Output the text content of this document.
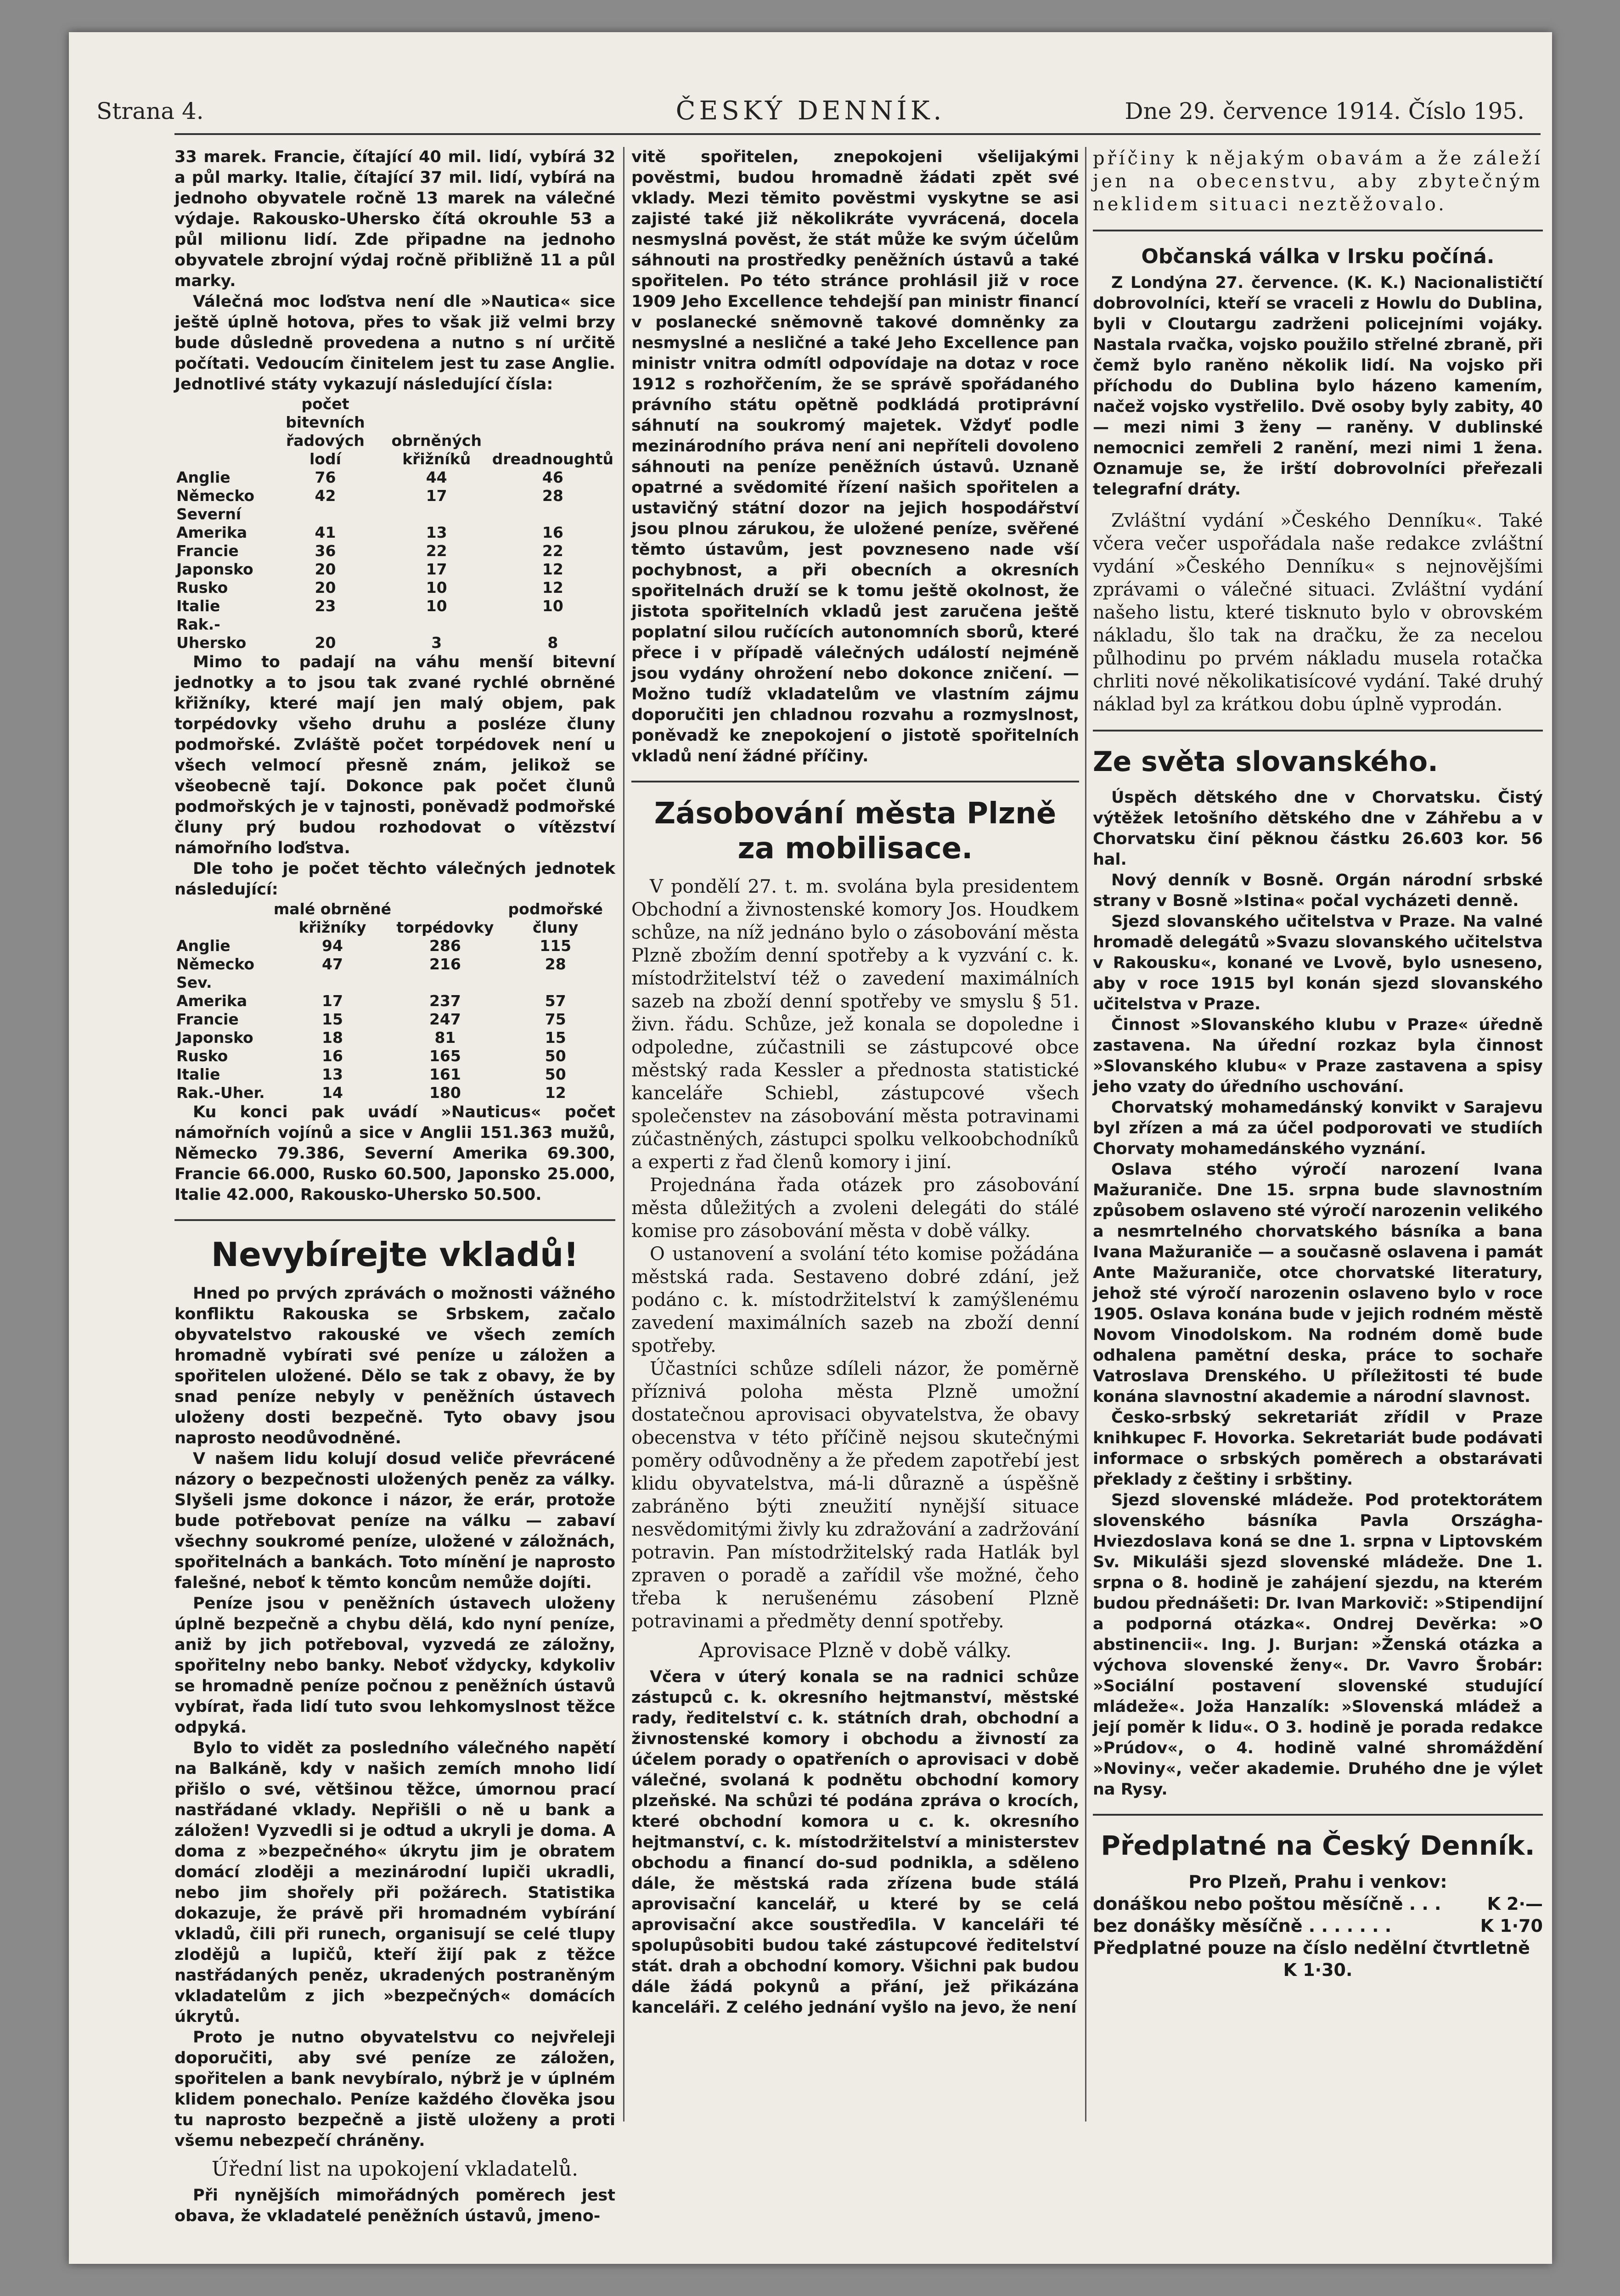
Strana 4.	ČESKÝ DENNÍK.	Dne 29. července 1914. Číslo 195.

33 marek. Francie, čítající 40 mil. lidí, vybírá 32 a půl marky. Italie, čítající 37 mil. lidí, vybírá na jednoho obyvatele ročně 13 marek na válečné výdaje. Rakousko-Uhersko čítá okrouhle 53 a půl milionu lidí. Zde připadne na jednoho obyvatele zbrojní výdaj ročně přibližně 11 a půl marky.

Válečná moc loďstva není dle »Nautica« sice ještě úplně hotova, přes to však již velmi brzy bude důsledně provedena a nutno s ní určitě počítati. Vedoucím činitelem jest tu zase Anglie. Jednotlivé státy vykazují následující čísla:

	počet bitevních řadových lodí	obrněných křižníků	dreadnoughtů
Anglie	76	44	46
Německo	42	17	28
Severní Amerika	41	13	16
Francie	36	22	22
Japonsko	20	17	12
Rusko	20	10	12
Italie	23	10	10
Rak.-Uhersko	20	3	8

Mimo to padají na váhu menší bitevní jednotky a to jsou tak zvané rychlé obrněné křižníky, které mají jen malý objem, pak torpédovky všeho druhu a posléze čluny podmořské. Zvláště počet torpédovek není u všech velmocí přesně znám, jelikož se všeobecně tají. Dokonce pak počet člunů podmořských je v tajnosti, poněvadž podmořské čluny prý budou rozhodovat o vítězství námořního loďstva.

Dle toho je počet těchto válečných jednotek následující:

	malé obrněné křižníky	torpédovky	podmořské čluny
Anglie	94	286	115
Německo	47	216	28
Sev. Amerika	17	237	57
Francie	15	247	75
Japonsko	18	81	15
Rusko	16	165	50
Italie	13	161	50
Rak.-Uher.	14	180	12

Ku konci pak uvádí »Nauticus« počet námořních vojínů a sice v Anglii 151.363 mužů, Německo 79.386, Severní Amerika 69.300, Francie 66.000, Rusko 60.500, Japonsko 25.000, Italie 42.000, Rakousko-Uhersko 50.500.

Nevybírejte vkladů!

Hned po prvých zprávách o možnosti vážného konfliktu Rakouska se Srbskem, začalo obyvatelstvo rakouské ve všech zemích hromadně vybírati své peníze u záložen a spořitelen uložené. Dělo se tak z obavy, že by snad peníze nebyly v peněžních ústavech uloženy dosti bezpečně. Tyto obavy jsou naprosto neodůvodněné.

V našem lidu kolují dosud veliče převrácené názory o bezpečnosti uložených peněz za války. Slyšeli jsme dokonce i názor, že erár, protože bude potřebovat peníze na válku — zabaví všechny soukromé peníze, uložené v záložnách, spořitelnách a bankách. Toto mínění je naprosto falešné, neboť k těmto koncům nemůže dojíti.

Peníze jsou v peněžních ústavech uloženy úplně bezpečně a chybu dělá, kdo nyní peníze, aniž by jich potřeboval, vyzvedá ze záložny, spořitelny nebo banky. Neboť vždycky, kdykoliv se hromadně peníze počnou z peněžních ústavů vybírat, řada lidí tuto svou lehkomyslnost těžce odpyká.

Bylo to vidět za posledního válečného napětí na Balkáně, kdy v našich zemích mnoho lidí přišlo o své, většinou těžce, úmornou prací nastřádané vklady. Nepřišli o ně u bank a záložen! Vyzvedli si je odtud a ukryli je doma. A doma z »bezpečného« úkrytu jim je obratem domácí zloději a mezinárodní lupiči ukradli, nebo jim shořely při požárech. Statistika dokazuje, že právě při hromadném vybírání vkladů, čili při runech, organisují se celé tlupy zlodějů a lupičů, kteří žijí pak z těžce nastřádaných peněz, ukradených postraněným vkladatelům z jich »bezpečných« domácích úkrytů.

Proto je nutno obyvatelstvu co nejvřeleji doporučiti, aby své peníze ze záložen, spořitelen a bank nevybíralo, nýbrž je v úplném klidem ponechalo. Peníze každého člověka jsou tu naprosto bezpečně a jistě uloženy a proti všemu nebezpečí chráněny.

Úřední list na upokojení vkladatelů.

Při nynějších mimořádných poměrech jest obava, že vkladatelé peněžních ústavů, jmeno-

vitě spořitelen, znepokojeni všelijakými pověstmi, budou hromadně žádati zpět své vklady. Mezi těmito pověstmi vyskytne se asi zajisté také již několikráte vyvrácená, docela nesmyslná pověst, že stát může ke svým účelům sáhnouti na prostředky peněžních ústavů a také spořitelen. Po této stránce prohlásil již v roce 1909 Jeho Excellence tehdejší pan ministr financí v poslanecké sněmovně takové domněnky za nesmyslné a nesličné a také Jeho Excellence pan ministr vnitra odmítl odpovídaje na dotaz v roce 1912 s rozhořčením, že se správě spořádaného právního státu opětně podkládá protiprávní sáhnutí na soukromý majetek. Vždyť podle mezinárodního práva není ani nepříteli dovoleno sáhnouti na peníze peněžních ústavů. Uznaně opatrné a svědomité řízení našich spořitelen a ustavičný státní dozor na jejich hospodářství jsou plnou zárukou, že uložené peníze, svěřené těmto ústavům, jest povzneseno nade vší pochybnost, a při obecních a okresních spořitelnách druží se k tomu ještě okolnost, že jistota spořitelních vkladů jest zaručena ještě poplatní silou ručících autonomních sborů, které přece i v případě válečných událostí nejméně jsou vydány ohrožení nebo dokonce zničení. — Možno tudíž vkladatelům ve vlastním zájmu doporučiti jen chladnou rozvahu a rozmyslnost, poněvadž ke znepokojení o jistotě spořitelních vkladů není žádné příčiny.

Zásobování města Plzně za mobilisace.

V pondělí 27. t. m. svolána byla presidentem Obchodní a živnostenské komory Jos. Houdkem schůze, na níž jednáno bylo o zásobování města Plzně zbožím denní spotřeby a k vyzvání c. k. místodržitelství též o zavedení maximálních sazeb na zboží denní spotřeby ve smyslu § 51. živn. řádu. Schůze, jež konala se dopoledne i odpoledne, zúčastnili se zástupcové obce městský rada Kessler a přednosta statistické kanceláře Schiebl, zástupcové všech společenstev na zásobování města potravinami zúčastněných, zástupci spolku velkoobchodníků a experti z řad členů komory i jiní.

Projednána řada otázek pro zásobování města důležitých a zvoleni delegáti do stálé komise pro zásobování města v době války.

O ustanovení a svolání této komise požádána městská rada. Sestaveno dobré zdání, jež podáno c. k. místodržitelství k zamýšlenému zavedení maximálních sazeb na zboží denní spotřeby.

Účastníci schůze sdíleli názor, že poměrně příznivá poloha města Plzně umožní dostatečnou aprovisaci obyvatelstva, že obavy obecenstva v této příčině nejsou skutečnými poměry odůvodněny a že předem zapotřebí jest klidu obyvatelstva, má-li důrazně a úspěšně zabráněno býti zneužití nynější situace nesvědomitými živly ku zdražování a zadržování potravin. Pan místodržitelský rada Hatlák byl zpraven o poradě a zařídil vše možné, čeho třeba k nerušenému zásobení Plzně potravinami a předměty denní spotřeby.

Aprovisace Plzně v době války.

Včera v úterý konala se na radnici schůze zástupců c. k. okresního hejtmanství, městské rady, ředitelství c. k. státních drah, obchodní a živnostenské komory i obchodu a živností za účelem porady o opatřeních o aprovisaci v době válečné, svolaná k podnětu obchodní komory plzeňské. Na schůzi té podána zpráva o krocích, které obchodní komora u c. k. okresního hejtmanství, c. k. místodržitelství a ministerstev obchodu a financí do-sud podnikla, a sděleno dále, že městská rada zřízena bude stálá aprovisační kancelář, u které by se celá aprovisační akce soustřeďila. V kanceláři té spolupůsobiti budou také zástupcové ředitelství stát. drah a obchodní komory. Všichni pak budou dále žádá pokynů a přání, jež přikázána kanceláři. Z celého jednání vyšlo na jevo, že není

příčiny k nějakým obavám a že záleží jen na obecenstvu, aby zbytečným neklidem situaci neztěžovalo.

Občanská válka v Irsku počíná.

Z Londýna 27. července. (K. K.) Nacionalističtí dobrovolníci, kteří se vraceli z Howlu do Dublina, byli v Cloutargu zadrženi policejními vojáky. Nastala rvačka, vojsko použilo střelné zbraně, při čemž bylo raněno několik lidí. Na vojsko při příchodu do Dublina bylo házeno kamením, načež vojsko vystřelilo. Dvě osoby byly zabity, 40 — mezi nimi 3 ženy — raněny. V dublinské nemocnici zemřeli 2 ranění, mezi nimi 1 žena. Oznamuje se, že irští dobrovolníci přeřezali telegrafní dráty.

Zvláštní vydání »Českého Denníku«. Také včera večer uspořádala naše redakce zvláštní vydání »Českého Denníku« s nejnovějšími zprávami o válečné situaci. Zvláštní vydání našeho listu, které tisknuto bylo v obrovském nákladu, šlo tak na dračku, že za necelou půlhodinu po prvém nákladu musela rotačka chrliti nové několikatisícové vydání. Také druhý náklad byl za krátkou dobu úplně vyprodán.

Ze světa slovanského.

Úspěch dětského dne v Chorvatsku. Čistý výtěžek letošního dětského dne v Záhřebu a v Chorvatsku činí pěknou částku 26.603 kor. 56 hal.

Nový denník v Bosně. Orgán národní srbské strany v Bosně »Istina« počal vycházeti denně.

Sjezd slovanského učitelstva v Praze. Na valné hromadě delegátů »Svazu slovanského učitelstva v Rakousku«, konané ve Lvově, bylo usneseno, aby v roce 1915 byl konán sjezd slovanského učitelstva v Praze.

Činnost »Slovanského klubu v Praze« úředně zastavena. Na úřední rozkaz byla činnost »Slovanského klubu« v Praze zastavena a spisy jeho vzaty do úředního uschování.

Chorvatský mohamedánský konvikt v Sarajevu byl zřízen a má za účel podporovati ve studiích Chorvaty mohamedánského vyznání.

Oslava stého výročí narození Ivana Mažuraniče. Dne 15. srpna bude slavnostním způsobem oslaveno sté výročí narozenin velikého a nesmrtelného chorvatského básníka a bana Ivana Mažuraniče — a současně oslavena i památ Ante Mažuraniče, otce chorvatské literatury, jehož sté výročí narozenin oslaveno bylo v roce 1905. Oslava konána bude v jejich rodném městě Novom Vinodolskom. Na rodném domě bude odhalena pamětní deska, práce to sochaře Vatroslava Drenského. U příležitosti té bude konána slavnostní akademie a národní slavnost.

Česko-srbský sekretariát zřídil v Praze knihkupec F. Hovorka. Sekretariát bude podávati informace o srbských poměrech a obstarávati překlady z češtiny i srbštiny.

Sjezd slovenské mládeže. Pod protektorátem slovenského básníka Pavla Országha-Hviezdoslava koná se dne 1. srpna v Liptovském Sv. Mikuláši sjezd slovenské mládeže. Dne 1. srpna o 8. hodině je zahájení sjezdu, na kterém budou přednášeti: Dr. Ivan Markovič: »Stipendijní a podporná otázka«. Ondrej Devěrka: »O abstinencii«. Ing. J. Burjan: »Ženská otázka a výchova slovenské ženy«. Dr. Vavro Šrobár: »Sociální postavení slovenské studující mládeže«. Joža Hanzalík: »Slovenská mládež a její poměr k lidu«. O 3. hodině je porada redakce »Prúdov«, o 4. hodině valné shromáždění »Noviny«, večer akademie. Druhého dne je výlet na Rysy.

Předplatné na Český Denník.
Pro Plzeň, Prahu i venkov:
donáškou nebo poštou měsíčně . . .	K 2·—
bez donášky měsíčně . . . . . . .	K 1·70
Předplatné pouze na číslo nedělní čtvrtletně
K 1·30.
